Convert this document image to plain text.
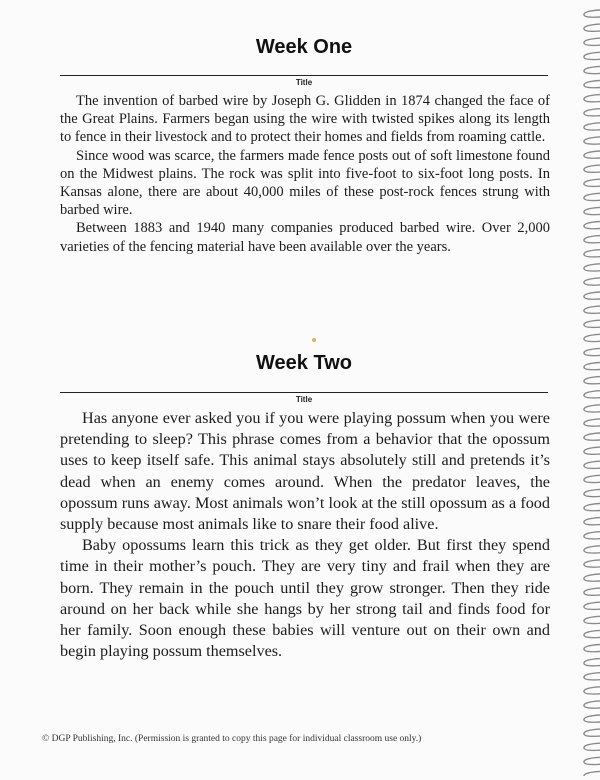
Week One
Title

The invention of barbed wire by Joseph G. Glidden in 1874 changed the face of the Great Plains. Farmers began using the wire with twisted spikes along its length to fence in their livestock and to protect their homes and fields from roaming cattle.

Since wood was scarce, the farmers made fence posts out of soft limestone found on the Midwest plains. The rock was split into five-foot to six-foot long posts. In Kansas alone, there are about 40,000 miles of these post-rock fences strung with barbed wire.

Between 1883 and 1940 many companies produced barbed wire. Over 2,000 varieties of the fencing material have been available over the years.

Week Two
Title

Has anyone ever asked you if you were playing possum when you were pretending to sleep? This phrase comes from a behavior that the opossum uses to keep itself safe. This animal stays absolutely still and pretends it’s dead when an enemy comes around. When the predator leaves, the opossum runs away. Most animals won’t look at the still opossum as a food supply because most animals like to snare their food alive.

Baby opossums learn this trick as they get older. But first they spend time in their mother’s pouch. They are very tiny and frail when they are born. They remain in the pouch until they grow stronger. Then they ride around on her back while she hangs by her strong tail and finds food for her family. Soon enough these babies will venture out on their own and begin playing possum themselves.

© DGP Publishing, Inc. (Permission is granted to copy this page for individual classroom use only.)
